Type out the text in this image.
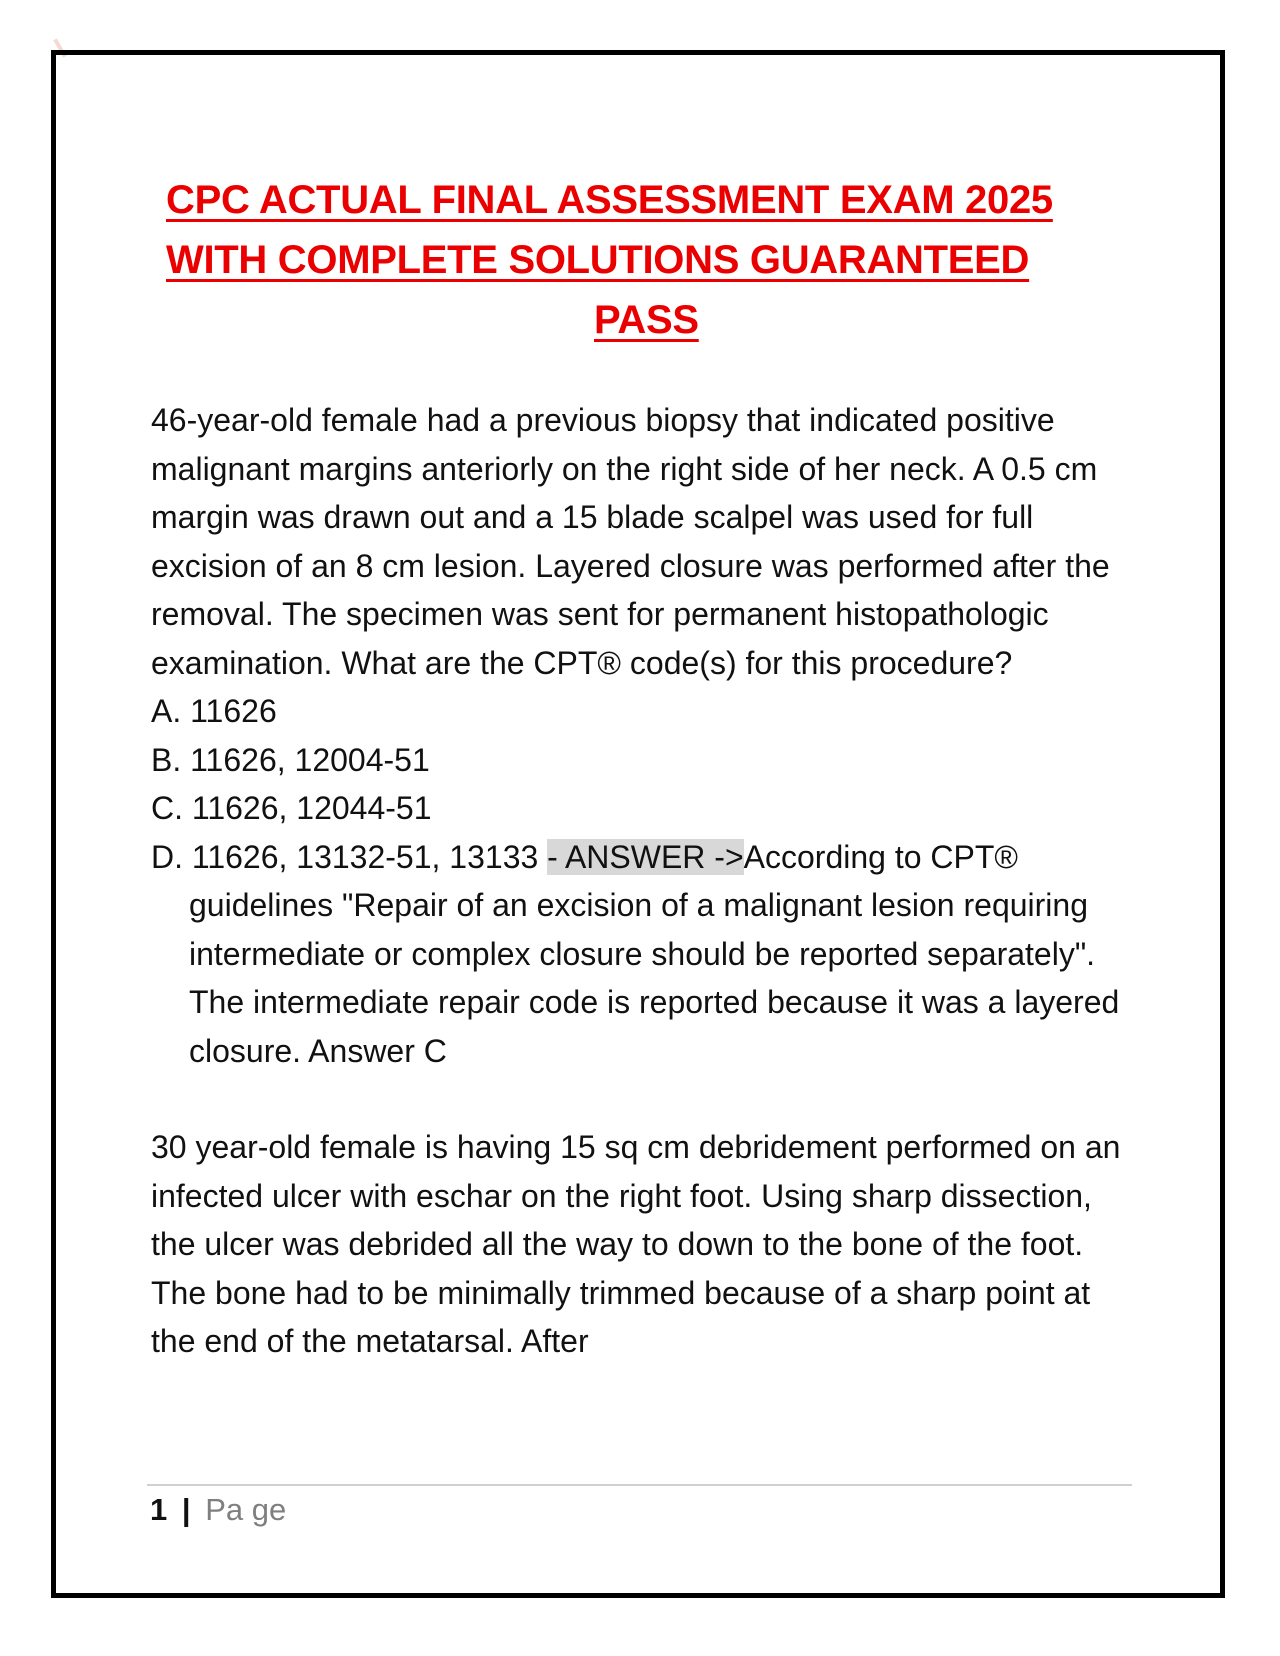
CPC ACTUAL FINAL ASSESSMENT EXAM 2025

WITH COMPLETE SOLUTIONS GUARANTEED

PASS

46-year-old female had a previous biopsy that indicated positive malignant margins anteriorly on the right side of her neck. A 0.5 cm margin was drawn out and a 15 blade scalpel was used for full excision of an 8 cm lesion. Layered closure was performed after the removal. The specimen was sent for permanent histopathologic examination. What are the CPT® code(s) for this procedure?

A. 11626
B. 11626, 12004-51
C. 11626, 12044-51
D. 11626, 13132-51, 13133 - ANSWER ->According to CPT® guidelines "Repair of an excision of a malignant lesion requiring intermediate or complex closure should be reported separately". The intermediate repair code is reported because it was a layered closure. Answer C

30 year-old female is having 15 sq cm debridement performed on an infected ulcer with eschar on the right foot. Using sharp dissection, the ulcer was debrided all the way to down to the bone of the foot. The bone had to be minimally trimmed because of a sharp point at the end of the metatarsal. After

1 | Pa ge
